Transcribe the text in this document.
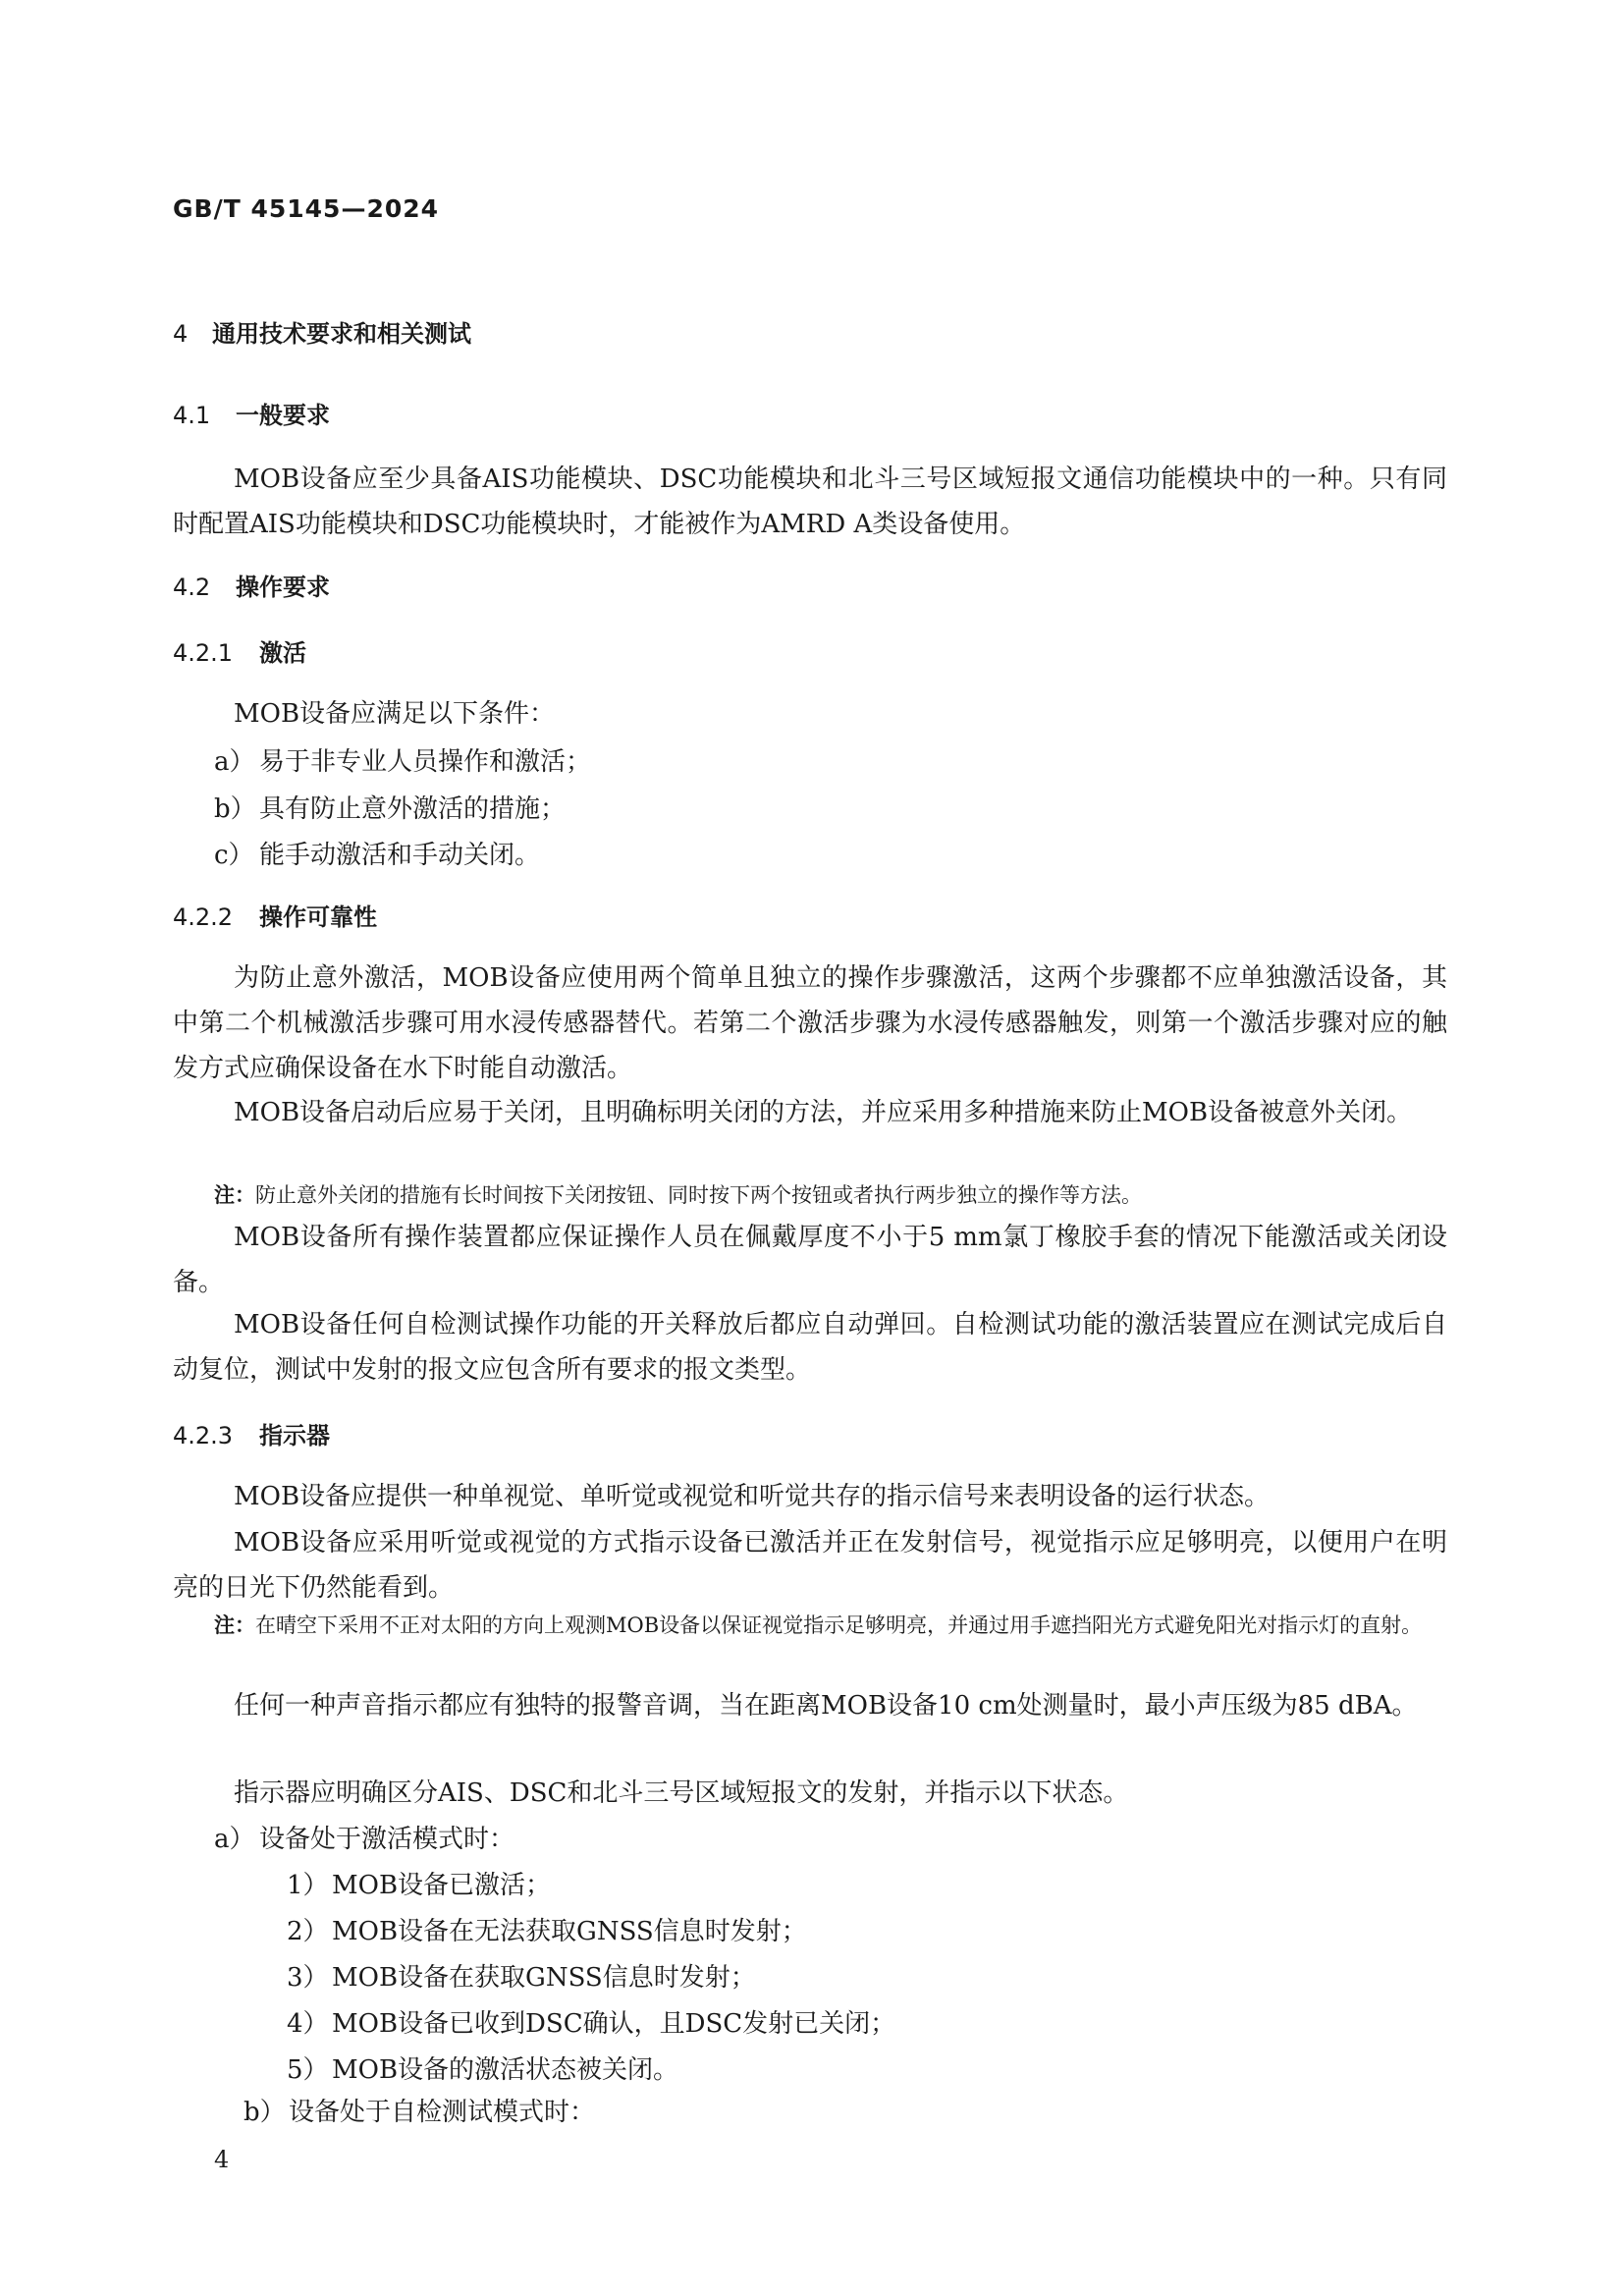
GB/T 45145—2024
4 通用技术要求和相关测试
4.1 一般要求
MOB设备应至少具备AIS功能模块、DSC功能模块和北斗三号区域短报文通信功能模块中的一种。只有同时配置AIS功能模块和DSC功能模块时，才能被作为AMRD A类设备使用。
4.2 操作要求
4.2.1 激活
MOB设备应满足以下条件：
a） 易于非专业人员操作和激活；
b） 具有防止意外激活的措施；
c） 能手动激活和手动关闭。
4.2.2 操作可靠性
为防止意外激活，MOB设备应使用两个简单且独立的操作步骤激活，这两个步骤都不应单独激活设备，其中第二个机械激活步骤可用水浸传感器替代。若第二个激活步骤为水浸传感器触发，则第一个激活步骤对应的触发方式应确保设备在水下时能自动激活。
MOB设备启动后应易于关闭，且明确标明关闭的方法，并应采用多种措施来防止MOB设备被意外关闭。
注：防止意外关闭的措施有长时间按下关闭按钮、同时按下两个按钮或者执行两步独立的操作等方法。
MOB设备所有操作装置都应保证操作人员在佩戴厚度不小于5 mm氯丁橡胶手套的情况下能激活或关闭设备。
MOB设备任何自检测试操作功能的开关释放后都应自动弹回。自检测试功能的激活装置应在测试完成后自动复位，测试中发射的报文应包含所有要求的报文类型。
4.2.3 指示器
MOB设备应提供一种单视觉、单听觉或视觉和听觉共存的指示信号来表明设备的运行状态。
MOB设备应采用听觉或视觉的方式指示设备已激活并正在发射信号，视觉指示应足够明亮，以便用户在明亮的日光下仍然能看到。
注：在晴空下采用不正对太阳的方向上观测MOB设备以保证视觉指示足够明亮，并通过用手遮挡阳光方式避免阳光对指示灯的直射。
任何一种声音指示都应有独特的报警音调，当在距离MOB设备10 cm处测量时，最小声压级为85 dBA。
指示器应明确区分AIS、DSC和北斗三号区域短报文的发射，并指示以下状态。
a） 设备处于激活模式时：
1） MOB设备已激活；
2） MOB设备在无法获取GNSS信息时发射；
3） MOB设备在获取GNSS信息时发射；
4） MOB设备已收到DSC确认，且DSC发射已关闭；
5） MOB设备的激活状态被关闭。
b） 设备处于自检测试模式时：
4
